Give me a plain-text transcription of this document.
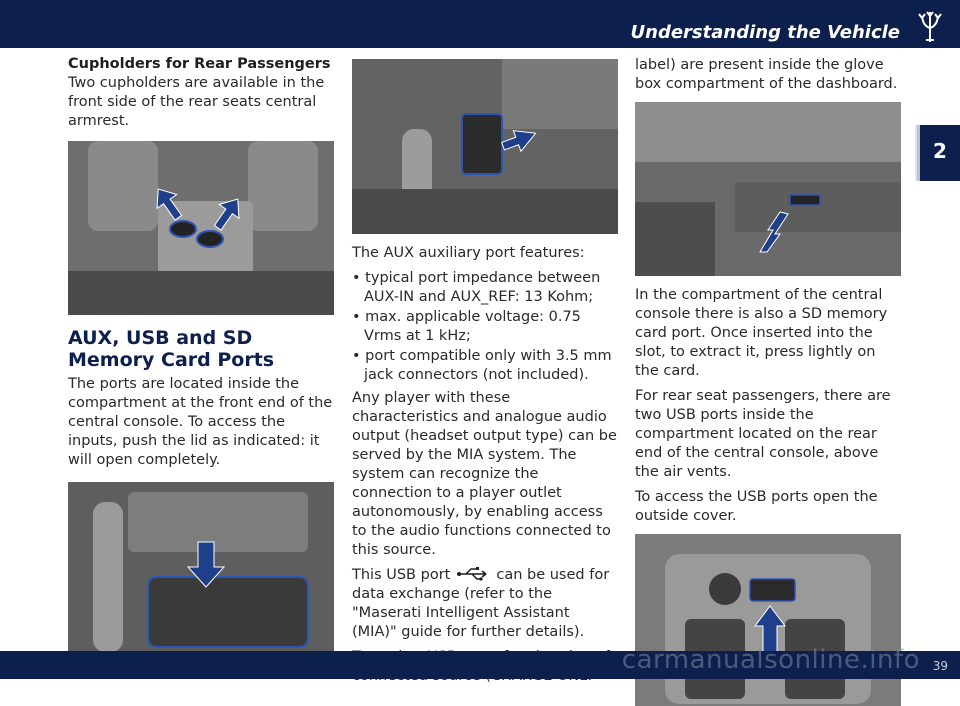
Understanding the Vehicle
2
Cupholders for Rear Passengers

Two cupholders are available in the front side of the rear seats central armrest.

AUX, USB and SD Memory Card Ports

The ports are located inside the compartment at the front end of the central console. To access the inputs, push the lid as indicated: it will open completely.

The AUX auxiliary port features:

• typical port impedance between AUX-IN and AUX_REF: 13 Kohm;
• max. applicable voltage: 0.75 Vrms at 1 kHz;
• port compatible only with 3.5 mm jack connectors (not included).

Any player with these characteristics and analogue audio output (headset output type) can be served by the MIA system. The system can recognize the connection to a player outlet autonomously, by enabling access to the audio functions connected to this source.

This USB port	can be used for data exchange (refer to the "Maserati Intelligent Assistant (MIA)" guide for further details).

label) are present inside the glove box compartment of the dashboard.

In the compartment of the central console there is also a SD memory card port. Once inserted into the slot, to extract it, press lightly on the card.

For rear seat passengers, there are two USB ports inside the compartment located on the rear end of the central console, above the air vents.

To access the USB ports open the outside cover.

carmanualsonline.info 39
